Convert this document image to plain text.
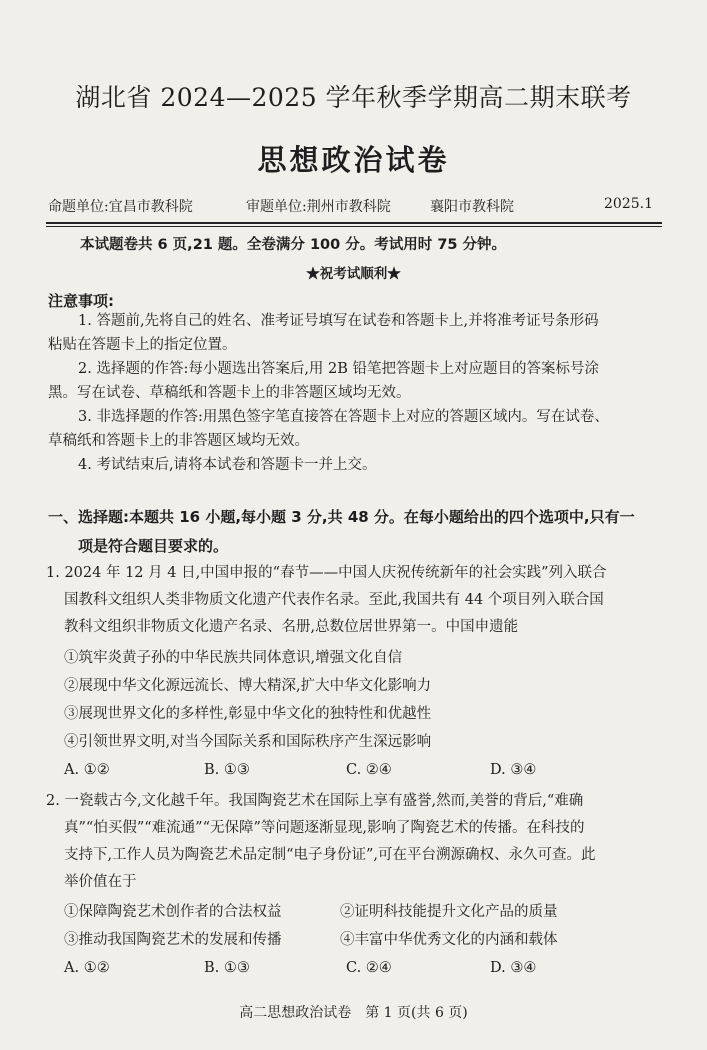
湖北省 2024—2025 学年秋季学期高二期末联考
思想政治试卷
命题单位:宜昌市教科院	审题单位:荆州市教科院	襄阳市教科院	2025.1
本试题卷共 6 页,21 题。全卷满分 100 分。考试用时 75 分钟。
★祝考试顺利★
注意事项:
1. 答题前,先将自己的姓名、准考证号填写在试卷和答题卡上,并将准考证号条形码
粘贴在答题卡上的指定位置。
2. 选择题的作答:每小题选出答案后,用 2B 铅笔把答题卡上对应题目的答案标号涂
黑。写在试卷、草稿纸和答题卡上的非答题区域均无效。
3. 非选择题的作答:用黑色签字笔直接答在答题卡上对应的答题区域内。写在试卷、
草稿纸和答题卡上的非答题区域均无效。
4. 考试结束后,请将本试卷和答题卡一并上交。
一、选择题:本题共 16 小题,每小题 3 分,共 48 分。在每小题给出的四个选项中,只有一
项是符合题目要求的。
1. 2024 年 12 月 4 日,中国申报的“春节——中国人庆祝传统新年的社会实践”列入联合
国教科文组织人类非物质文化遗产代表作名录。至此,我国共有 44 个项目列入联合国
教科文组织非物质文化遗产名录、名册,总数位居世界第一。中国申遗能
①筑牢炎黄子孙的中华民族共同体意识,增强文化自信
②展现中华文化源远流长、博大精深,扩大中华文化影响力
③展现世界文化的多样性,彰显中华文化的独特性和优越性
④引领世界文明,对当今国际关系和国际秩序产生深远影响
A. ①②	B. ①③	C. ②④	D. ③④
2. 一瓷载古今,文化越千年。我国陶瓷艺术在国际上享有盛誉,然而,美誉的背后,“难确
真”“怕买假”“难流通”“无保障”等问题逐渐显现,影响了陶瓷艺术的传播。在科技的
支持下,工作人员为陶瓷艺术品定制“电子身份证”,可在平台溯源确权、永久可查。此
举价值在于
①保障陶瓷艺术创作者的合法权益	②证明科技能提升文化产品的质量
③推动我国陶瓷艺术的发展和传播	④丰富中华优秀文化的内涵和载体
A. ①②	B. ①③	C. ②④	D. ③④
高二思想政治试卷　第 1 页(共 6 页)
